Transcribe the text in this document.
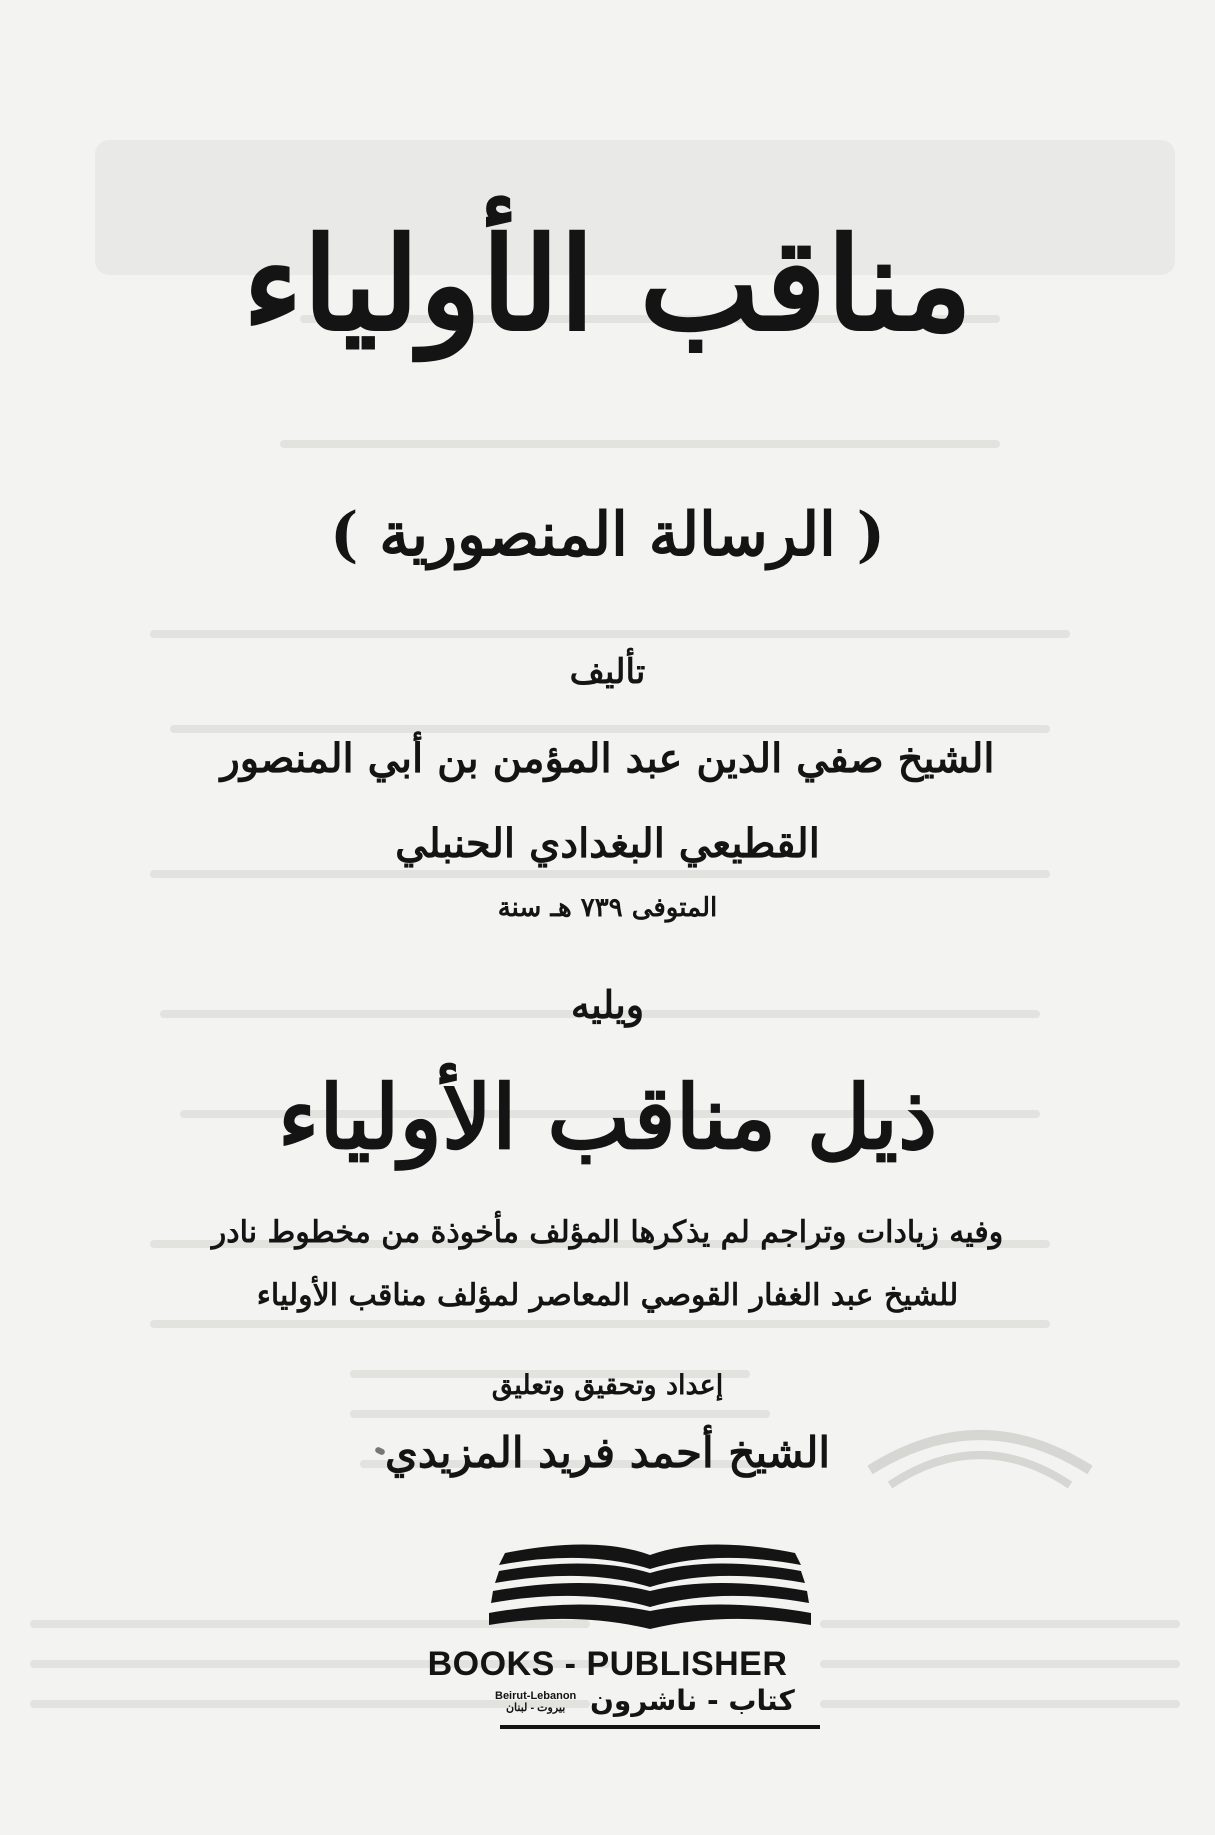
مناقب الأولياء
( الرسالة المنصورية )
تأليف
الشيخ صفي الدين عبد المؤمن بن أبي المنصور
القطيعي البغدادي الحنبلي
المتوفى ٧٣٩ هـ سنة
ويليه
ذيل مناقب الأولياء
وفيه زيادات وتراجم لم يذكرها المؤلف مأخوذة من مخطوط نادر
للشيخ عبد الغفار القوصي المعاصر لمؤلف مناقب الأولياء
إعداد وتحقيق وتعليق
الشيخ أحمد فريد المزيدي
BOOKS - PUBLISHER
Beirut-Lebanon
بيروت - لبنان كتاب - ناشرون
